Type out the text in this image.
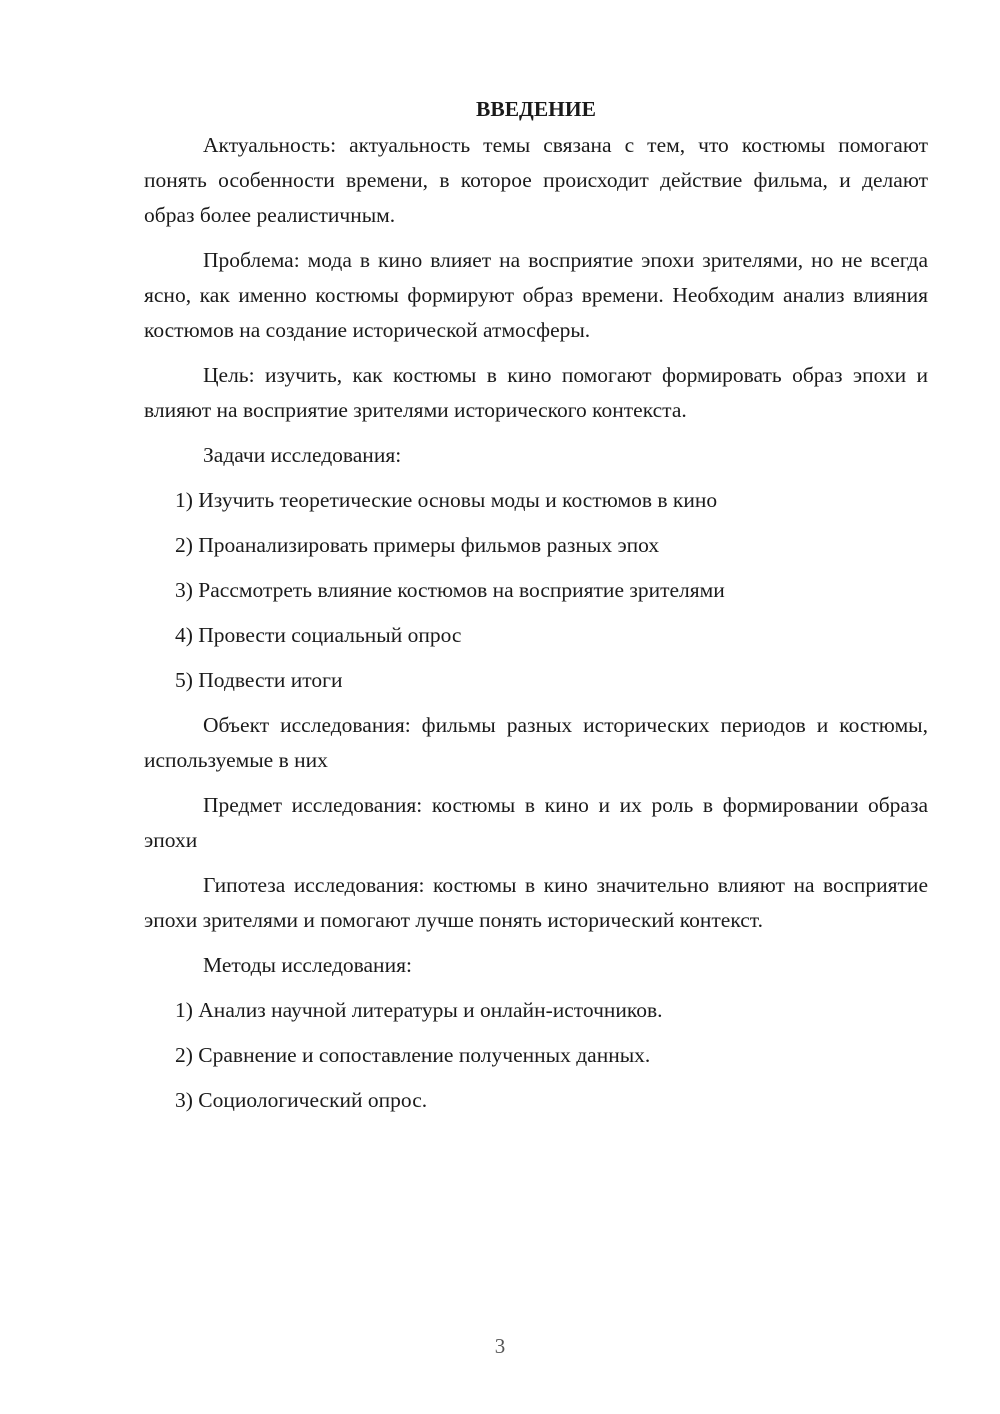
ВВЕДЕНИЕ

Актуальность: актуальность темы связана с тем, что костюмы помогают понять особенности времени, в которое происходит действие фильма, и делают образ более реалистичным.

Проблема: мода в кино влияет на восприятие эпохи зрителями, но не всегда ясно, как именно костюмы формируют образ времени. Необходим анализ влияния костюмов на создание исторической атмосферы.

Цель: изучить, как костюмы в кино помогают формировать образ эпохи и влияют на восприятие зрителями исторического контекста.

Задачи исследования:

1) Изучить теоретические основы моды и костюмов в кино
2) Проанализировать примеры фильмов разных эпох
3) Рассмотреть влияние костюмов на восприятие зрителями
4) Провести социальный опрос
5) Подвести итоги

Объект исследования: фильмы разных исторических периодов и костюмы, используемые в них

Предмет исследования: костюмы в кино и их роль в формировании образа эпохи

Гипотеза исследования: костюмы в кино значительно влияют на восприятие эпохи зрителями и помогают лучше понять исторический контекст.

Методы исследования:

1) Анализ научной литературы и онлайн-источников.
2) Сравнение и сопоставление полученных данных.
3) Социологический опрос.
3
